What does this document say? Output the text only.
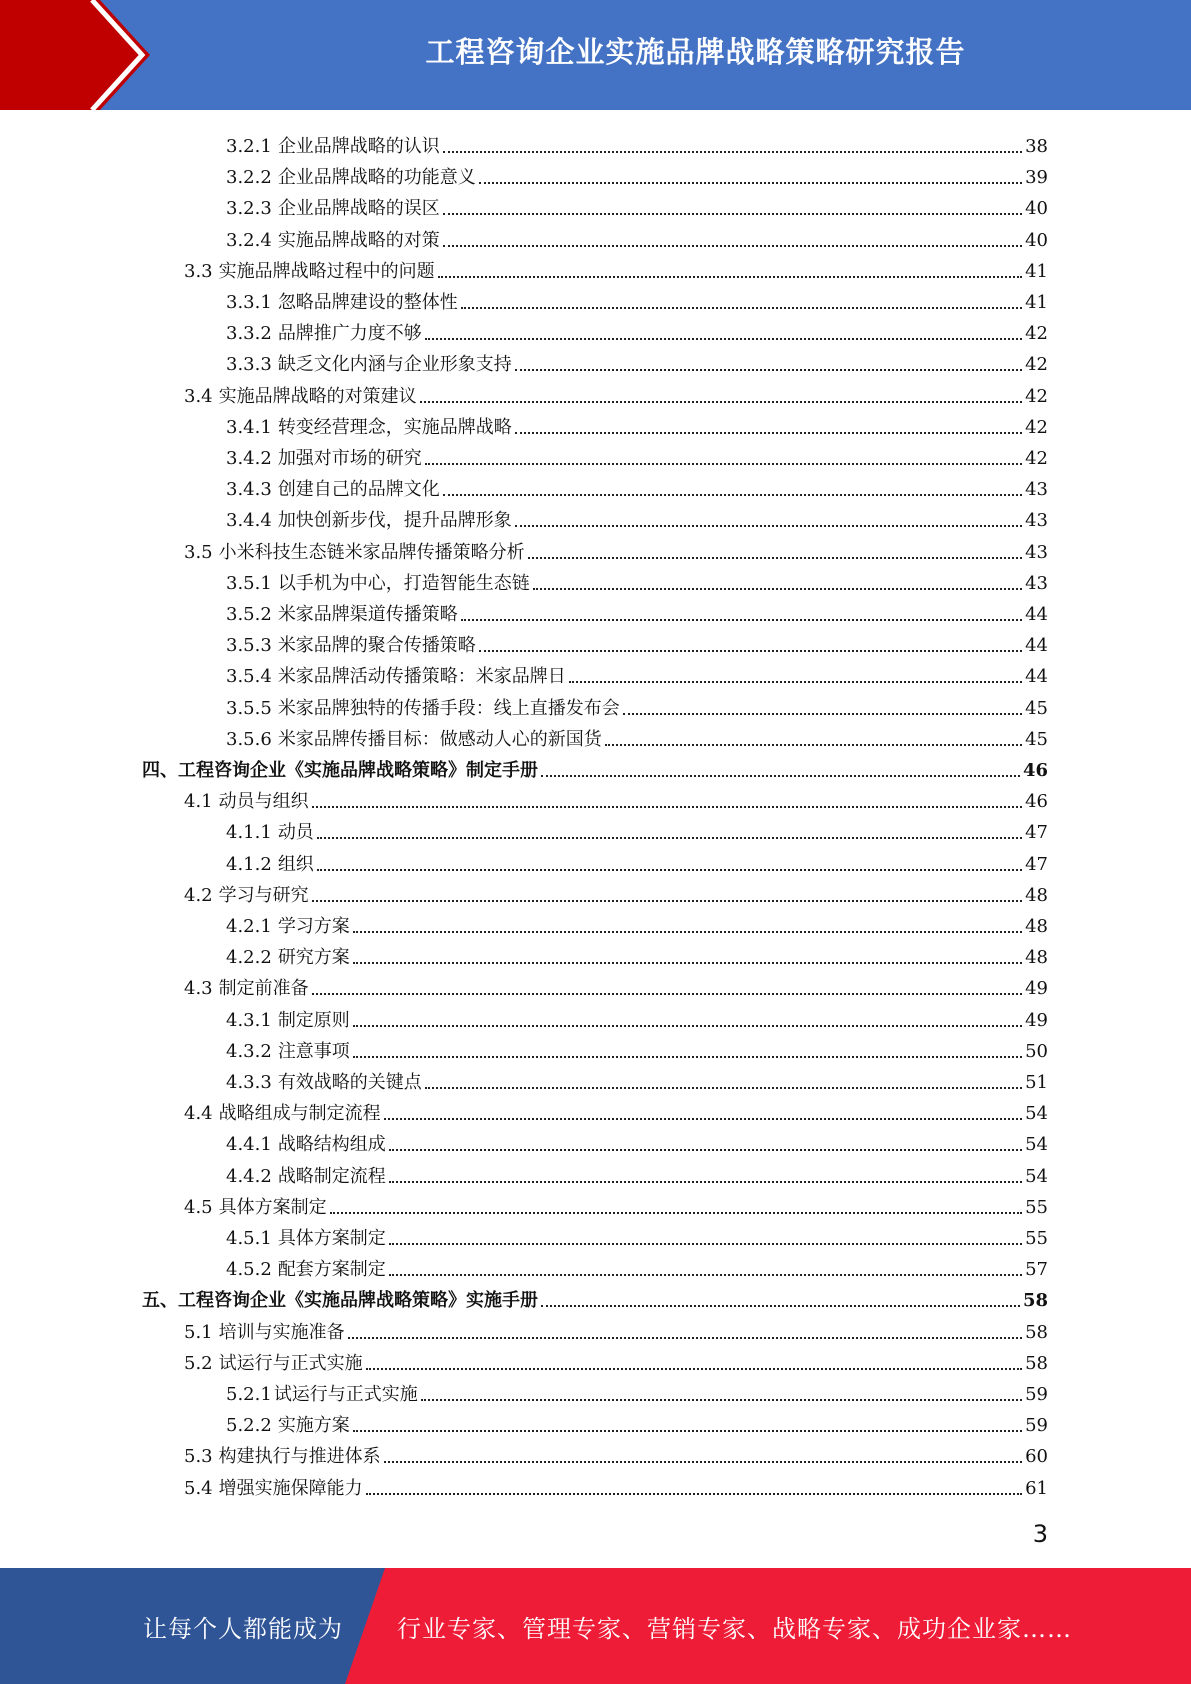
工程咨询企业实施品牌战略策略研究报告
3.2.1 企业品牌战略的认识	38
3.2.2 企业品牌战略的功能意义	39
3.2.3 企业品牌战略的误区	40
3.2.4 实施品牌战略的对策	40
3.3 实施品牌战略过程中的问题	41
3.3.1 忽略品牌建设的整体性	41
3.3.2 品牌推广力度不够	42
3.3.3 缺乏文化内涵与企业形象支持	42
3.4 实施品牌战略的对策建议	42
3.4.1 转变经营理念，实施品牌战略	42
3.4.2 加强对市场的研究	42
3.4.3 创建自己的品牌文化	43
3.4.4 加快创新步伐，提升品牌形象	43
3.5 小米科技生态链米家品牌传播策略分析	43
3.5.1 以手机为中心，打造智能生态链	43
3.5.2 米家品牌渠道传播策略	44
3.5.3 米家品牌的聚合传播策略	44
3.5.4 米家品牌活动传播策略：米家品牌日	44
3.5.5 米家品牌独特的传播手段：线上直播发布会	45
3.5.6 米家品牌传播目标：做感动人心的新国货	45
四、工程咨询企业《实施品牌战略策略》制定手册	46
4.1 动员与组织	46
4.1.1 动员	47
4.1.2 组织	47
4.2 学习与研究	48
4.2.1 学习方案	48
4.2.2 研究方案	48
4.3 制定前准备	49
4.3.1 制定原则	49
4.3.2 注意事项	50
4.3.3 有效战略的关键点	51
4.4 战略组成与制定流程	54
4.4.1 战略结构组成	54
4.4.2 战略制定流程	54
4.5 具体方案制定	55
4.5.1 具体方案制定	55
4.5.2 配套方案制定	57
五、工程咨询企业《实施品牌战略策略》实施手册	58
5.1 培训与实施准备	58
5.2 试运行与正式实施	58
5.2.1 试运行与正式实施	59
5.2.2 实施方案	59
5.3 构建执行与推进体系	60
5.4 增强实施保障能力	61
3
让每个人都能成为 行业专家、管理专家、营销专家、战略专家、成功企业家……
